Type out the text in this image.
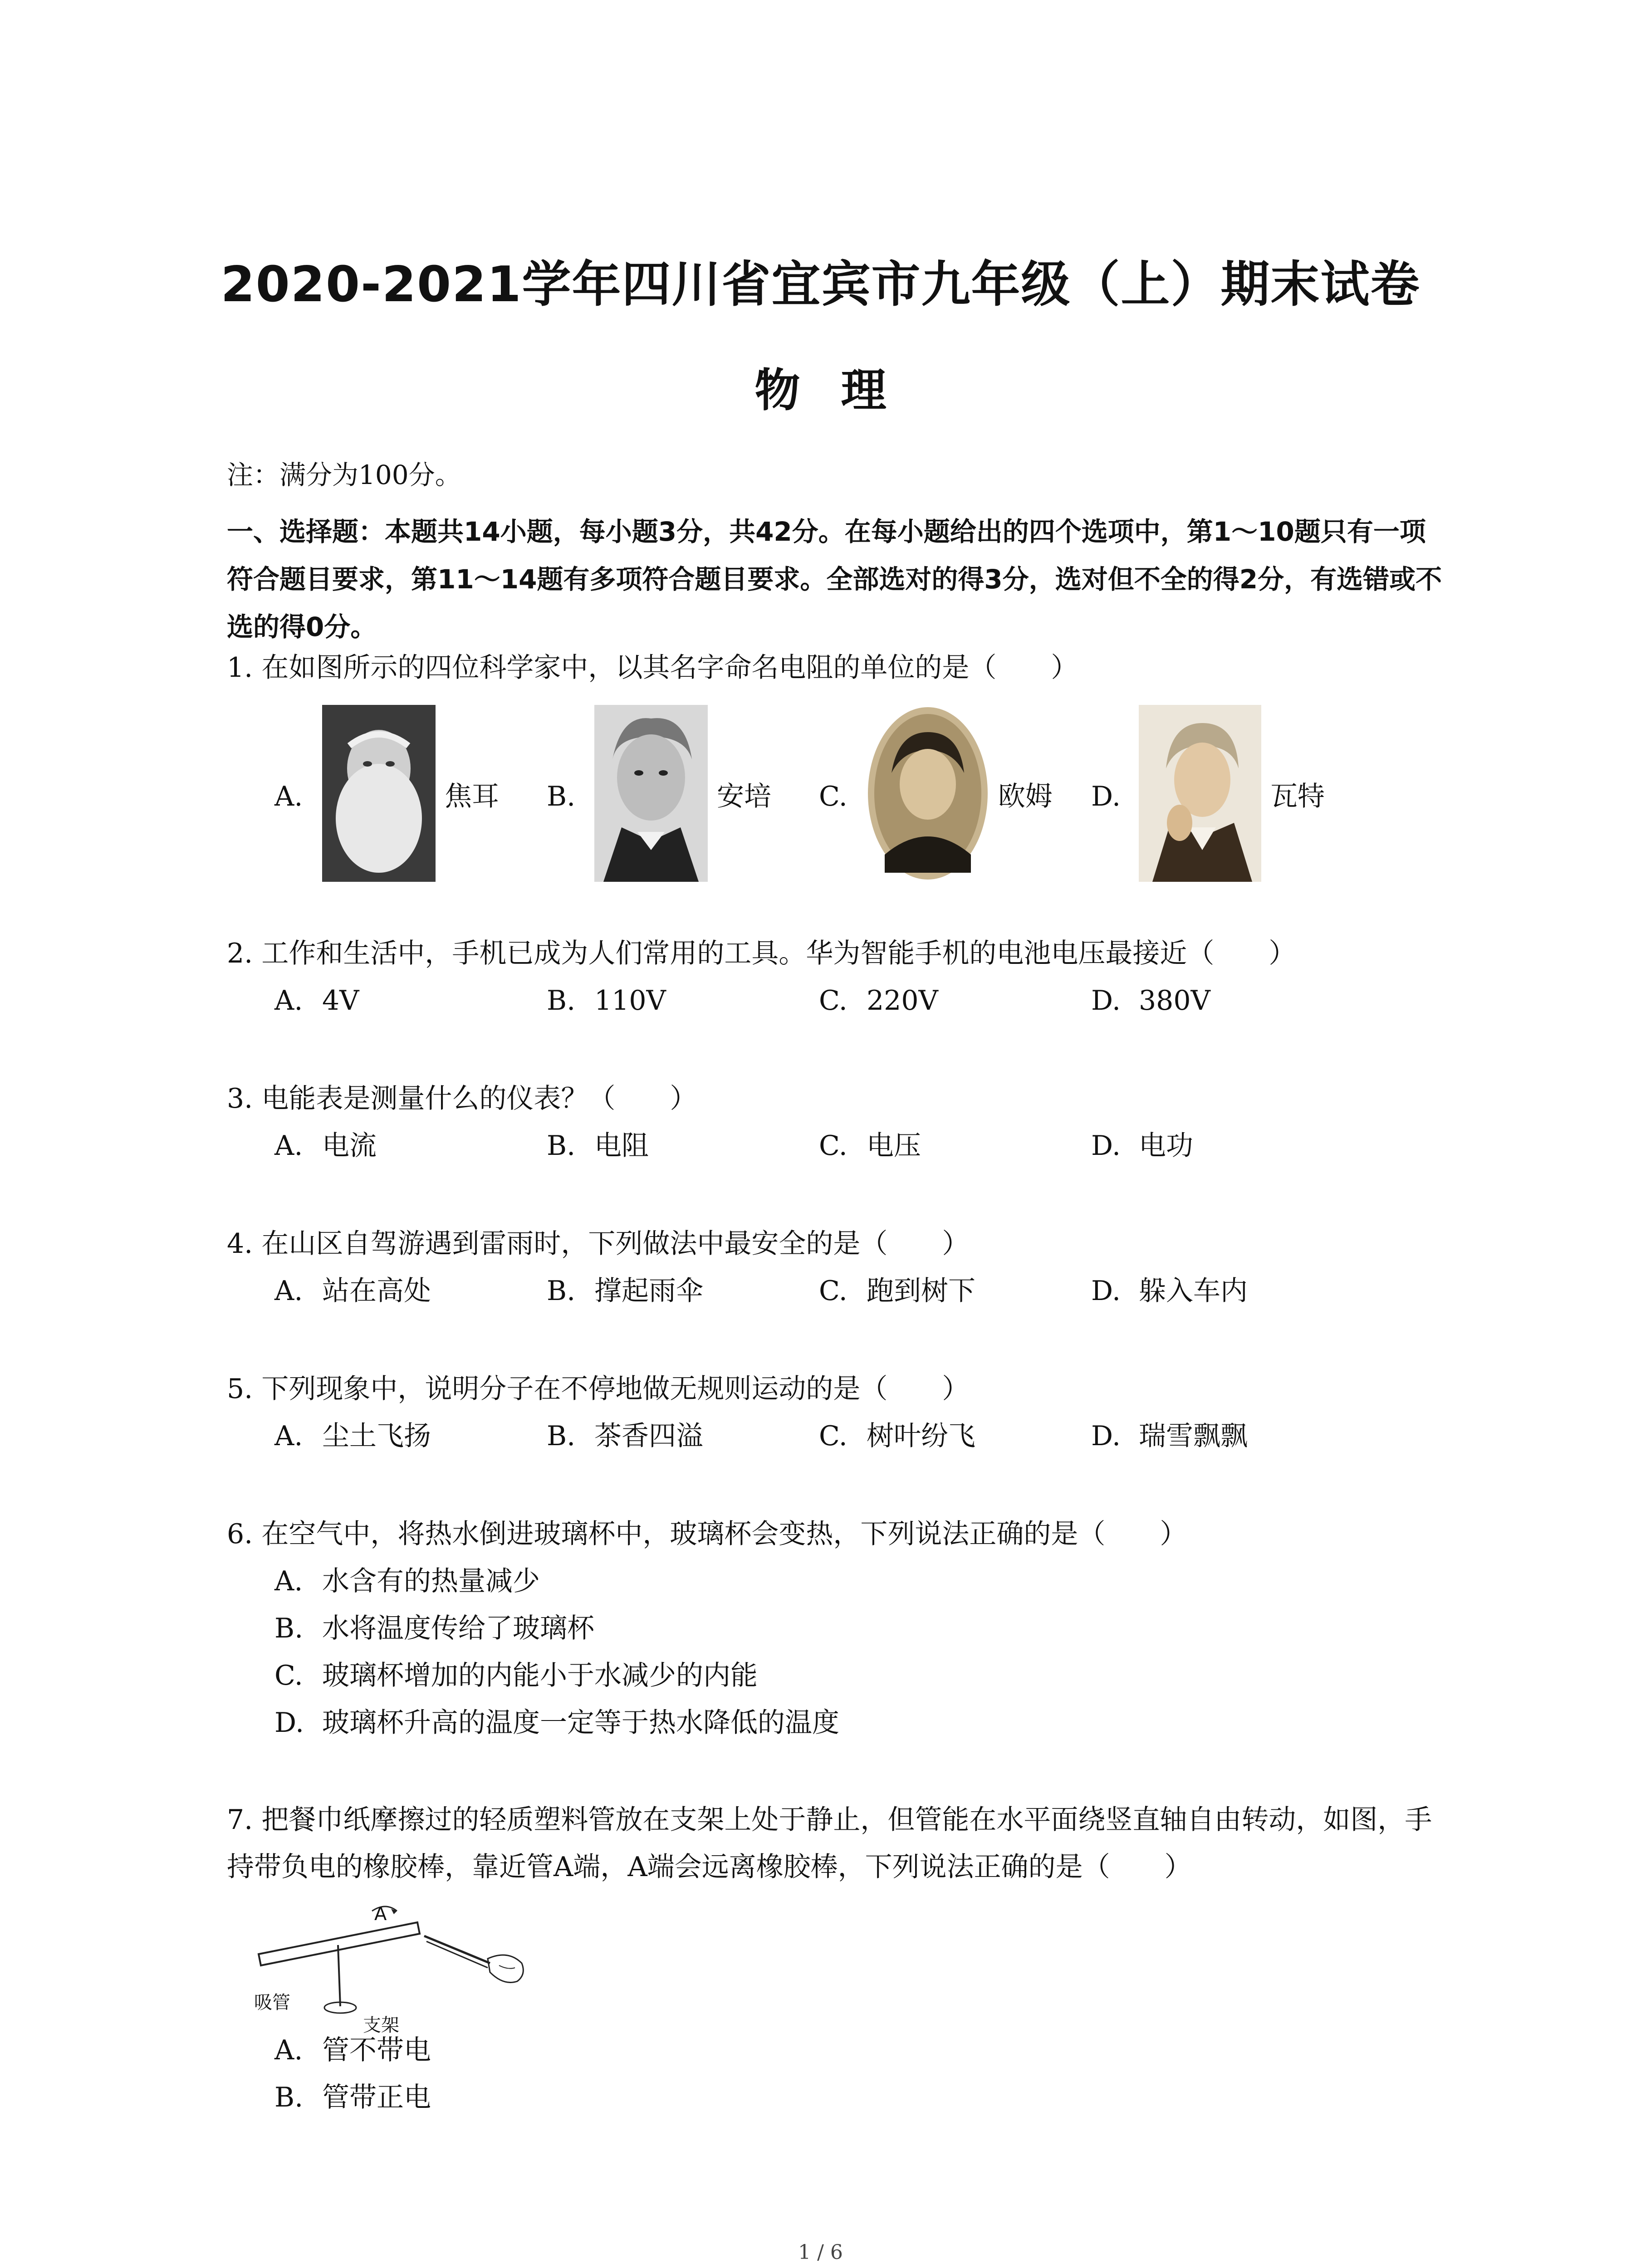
2020-2021学年四川省宜宾市九年级（上）期末试卷
物理
注：满分为100分。
一、选择题：本题共14小题，每小题3分，共42分。在每小题给出的四个选项中，第1～10题只有一项符合题目要求，第11～14题有多项符合题目要求。全部选对的得3分，选对但不全的得2分，有选错或不选的得0分。
1. 在如图所示的四位科学家中，以其名字命名电阻的单位的是（　　）
A.	焦耳 B.	安培 C.	欧姆 D.	瓦特
2. 工作和生活中，手机已成为人们常用的工具。华为智能手机的电池电压最接近（　　）
A. 4V	B. 110V	C. 220V	D. 380V
3. 电能表是测量什么的仪表？（　　）
A. 电流	B. 电阻	C. 电压	D. 电功
4. 在山区自驾游遇到雷雨时，下列做法中最安全的是（　　）
A. 站在高处	B. 撑起雨伞	C. 跑到树下	D. 躲入车内
5. 下列现象中，说明分子在不停地做无规则运动的是（　　）
A. 尘土飞扬	B. 茶香四溢	C. 树叶纷飞	D. 瑞雪飘飘
6. 在空气中，将热水倒进玻璃杯中，玻璃杯会变热，下列说法正确的是（　　）
A. 水含有的热量减少
B. 水将温度传给了玻璃杯
C. 玻璃杯增加的内能小于水减少的内能
D. 玻璃杯升高的温度一定等于热水降低的温度
7. 把餐巾纸摩擦过的轻质塑料管放在支架上处于静止，但管能在水平面绕竖直轴自由转动，如图，手持带负电的橡胶棒，靠近管A端，A端会远离橡胶棒，下列说法正确的是（　　）
A
吸管
支架
A. 管不带电
B. 管带正电
1 / 6
